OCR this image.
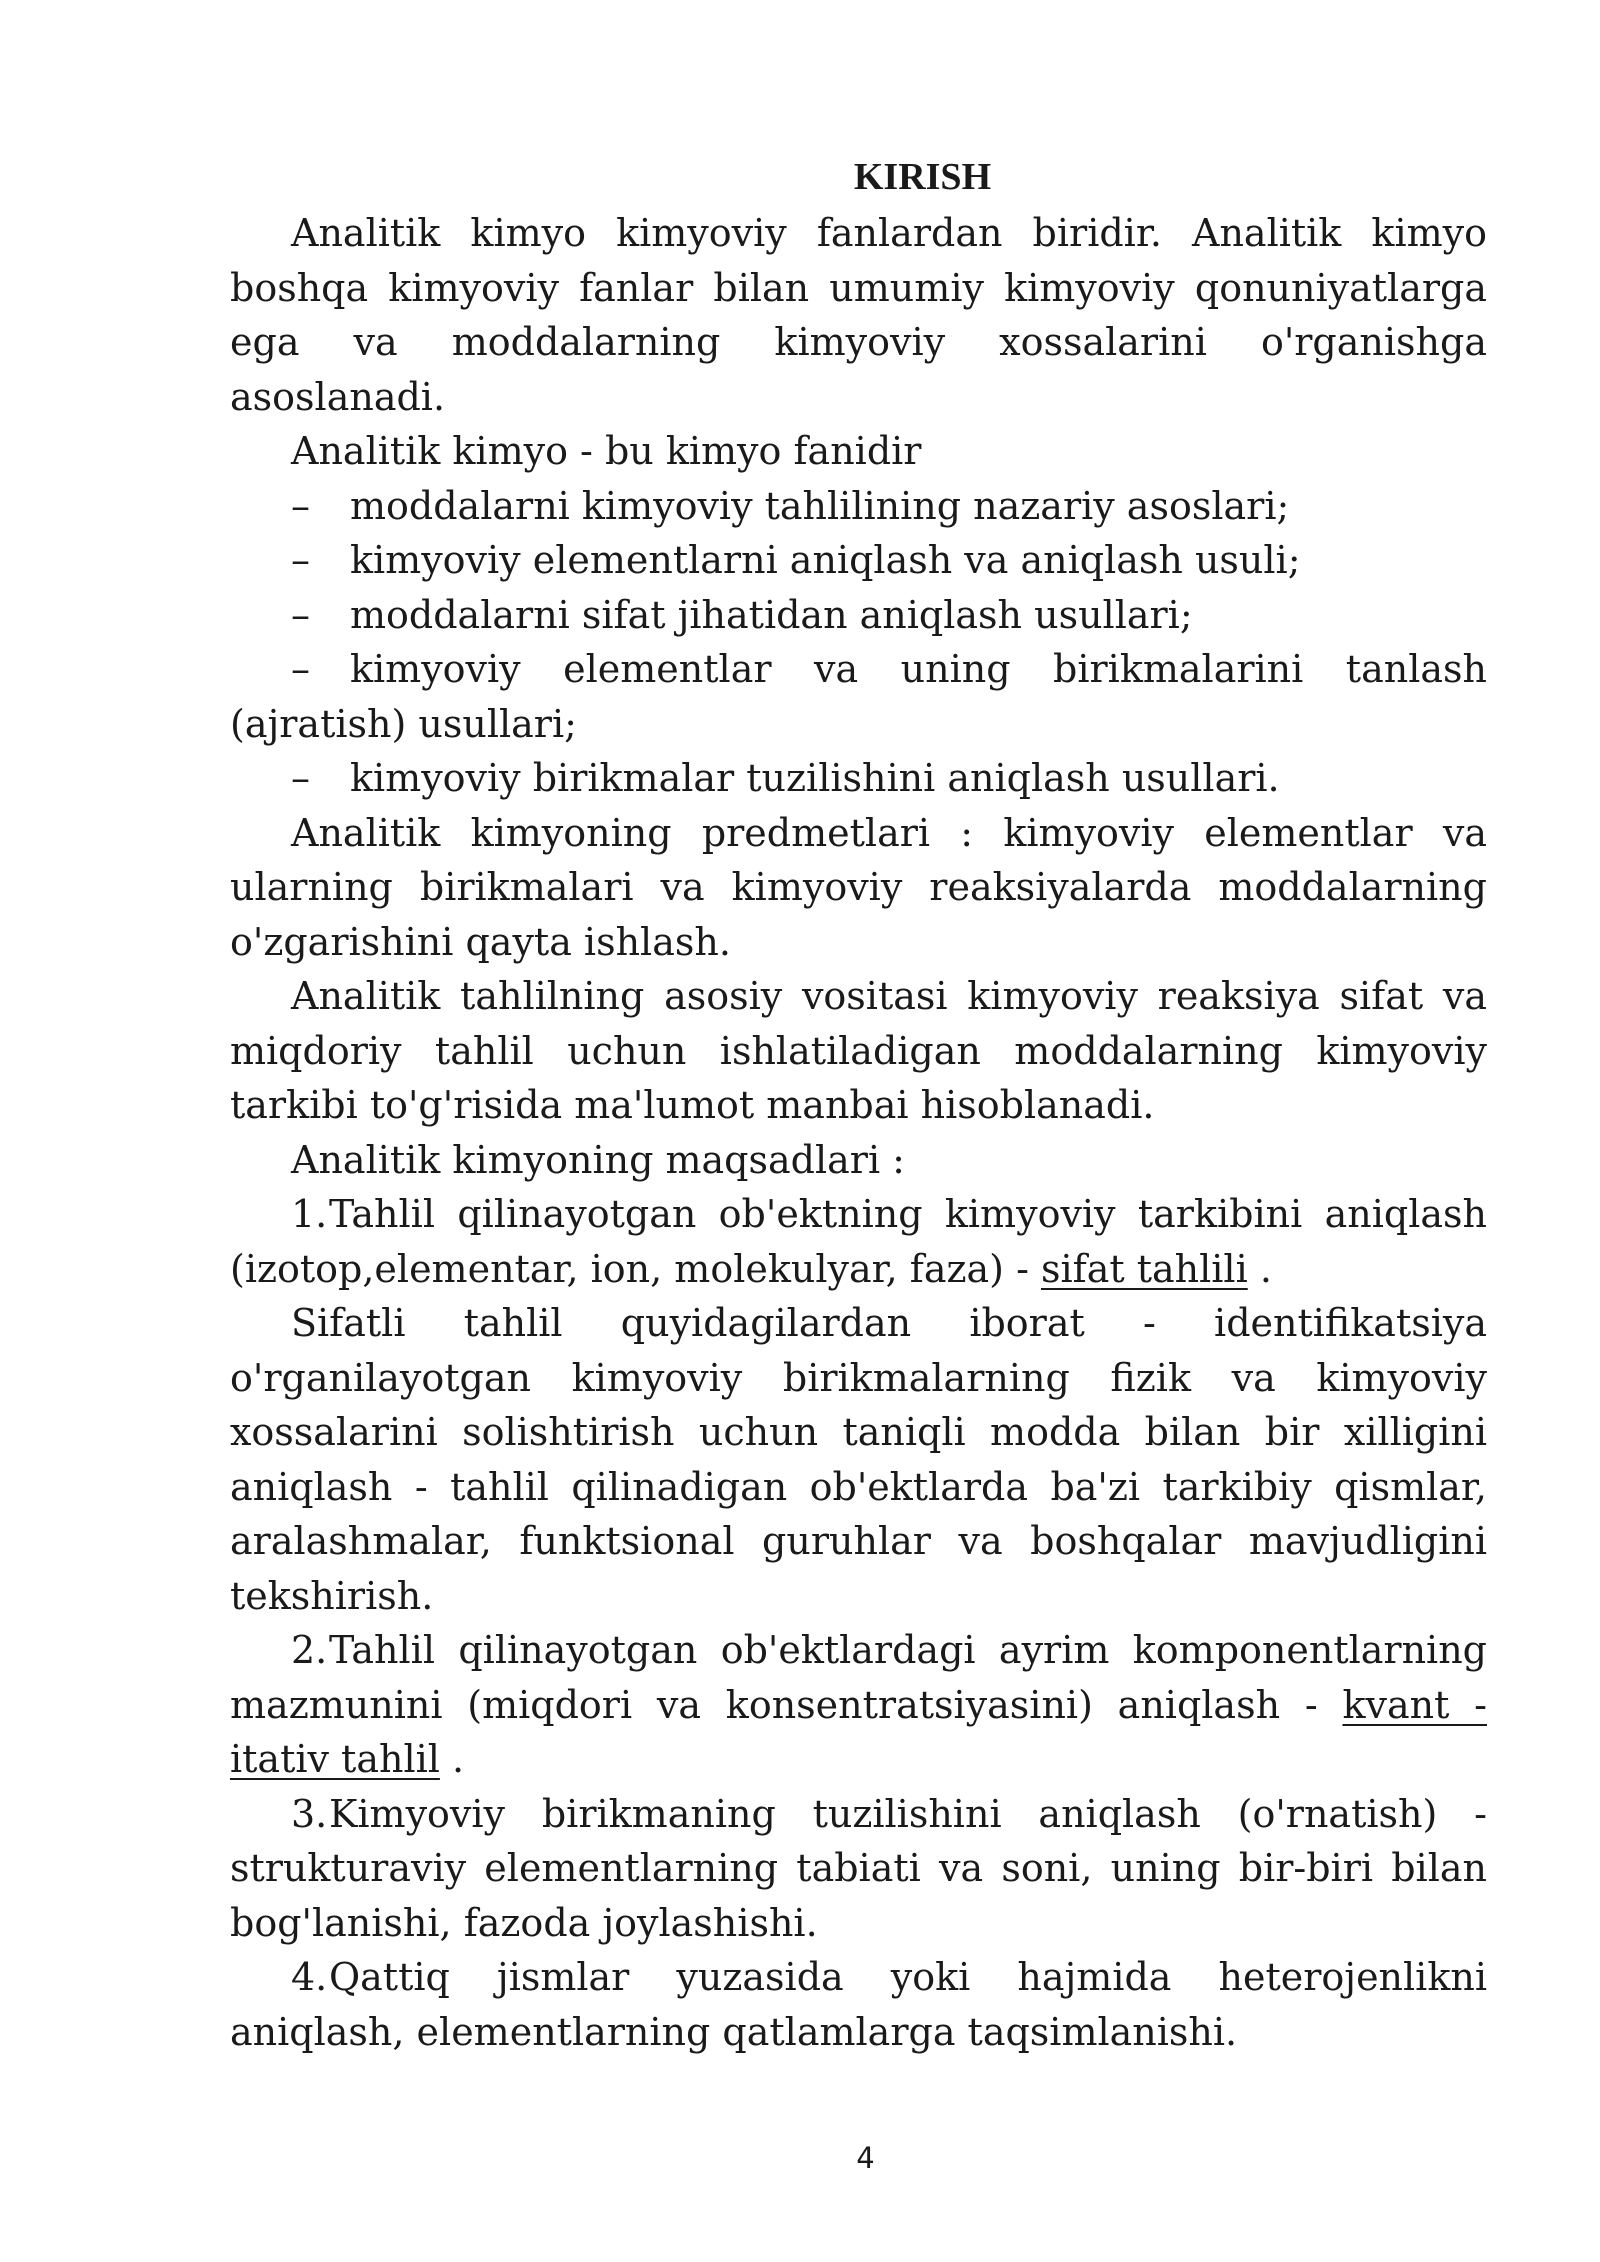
KIRISH

Analitik kimyo kimyoviy fanlardan biridir. Analitik kimyo boshqa kimyoviy fanlar bilan umumiy kimyoviy qonuniyatlarga ega va moddalarning kimyoviy xossalarini o'rganishga asoslanadi.

Analitik kimyo - bu kimyo fanidir

– moddalarni kimyoviy tahlilining nazariy asoslari;

– kimyoviy elementlarni aniqlash va aniqlash usuli;

– moddalarni sifat jihatidan aniqlash usullari;

– kimyoviy elementlar va uning birikmalarini tanlash (ajratish) usullari;

– kimyoviy birikmalar tuzilishini aniqlash usullari.

Analitik kimyoning predmetlari : kimyoviy elementlar va ularning birikmalari va kimyoviy reaksiyalarda moddalarning o'zgarishini qayta ishlash.

Analitik tahlilning asosiy vositasi kimyoviy reaksiya sifat va miqdoriy tahlil uchun ishlatiladigan moddalarning kimyoviy tarkibi to'g'risida ma'lumot manbai hisoblanadi.

Analitik kimyoning maqsadlari :

1.Tahlil qilinayotgan ob'ektning kimyoviy tarkibini aniqlash (izotop,elementar, ion, molekulyar, faza) - sifat tahlili .

Sifatli tahlil quyidagilardan iborat - identifikatsiya o'rganilayotgan kimyoviy birikmalarning fizik va kimyoviy xossalarini solishtirish uchun taniqli modda bilan bir xilligini aniqlash - tahlil qilinadigan ob'ektlarda ba'zi tarkibiy qismlar, aralashmalar, funktsional guruhlar va boshqalar mavjudligini tekshirish.

2.Tahlil qilinayotgan ob'ektlardagi ayrim komponentlarning mazmunini (miqdori va konsentratsiyasini) aniqlash - kvant - itativ tahlil .

3.Kimyoviy birikmaning tuzilishini aniqlash (o'rnatish) - strukturaviy elementlarning tabiati va soni, uning bir-biri bilan bog'lanishi, fazoda joylashishi.

4.Qattiq jismlar yuzasida yoki hajmida heterojenlikni aniqlash, elementlarning qatlamlarga taqsimlanishi.

4
